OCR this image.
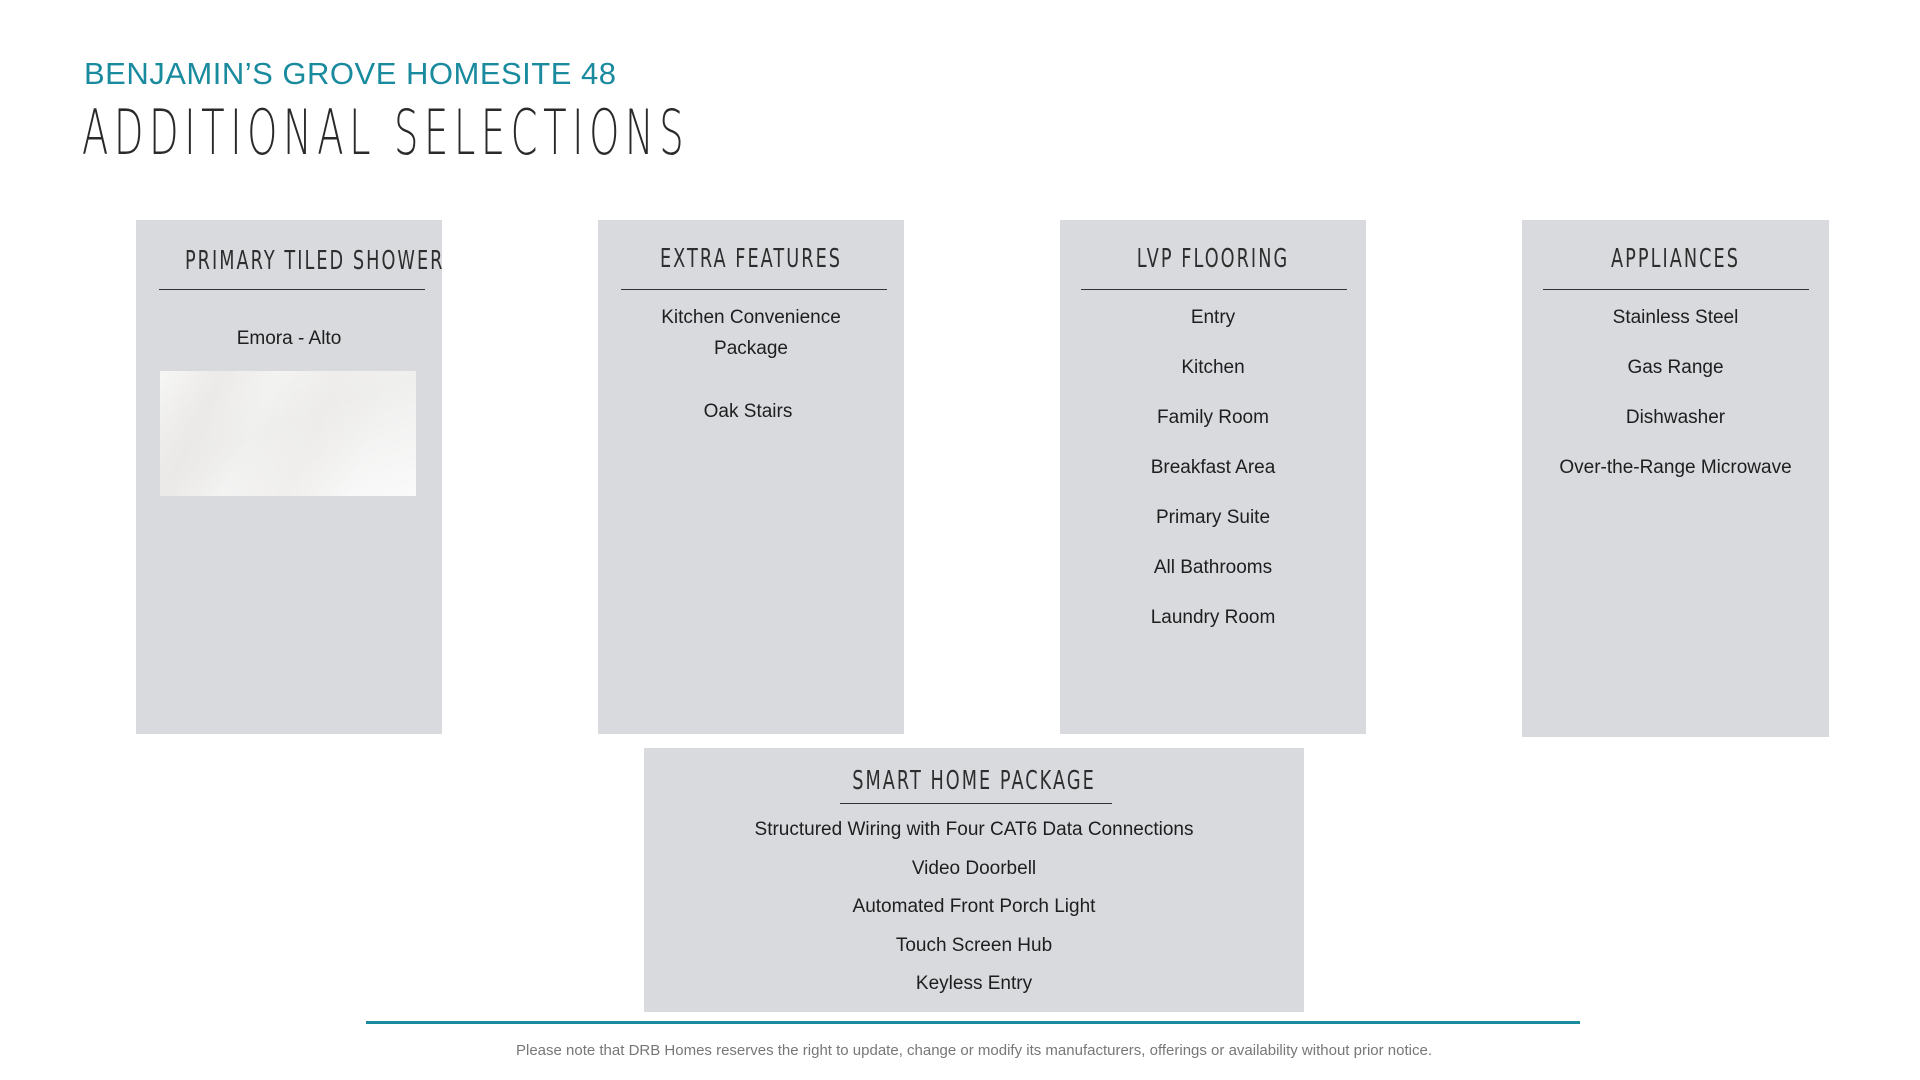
BENJAMIN’S GROVE HOMESITE 48
ADDITIONAL SELECTIONS
PRIMARY TILED SHOWER
Emora - Alto
EXTRA FEATURES
Kitchen Convenience
Package
Oak Stairs
LVP FLOORING
Entry
Kitchen
Family Room
Breakfast Area
Primary Suite
All Bathrooms
Laundry Room
APPLIANCES
Stainless Steel
Gas Range
Dishwasher
Over-the-Range Microwave
SMART HOME PACKAGE
Structured Wiring with Four CAT6 Data Connections
Video Doorbell
Automated Front Porch Light
Touch Screen Hub
Keyless Entry
Please note that DRB Homes reserves the right to update, change or modify its manufacturers, offerings or availability without prior notice.
